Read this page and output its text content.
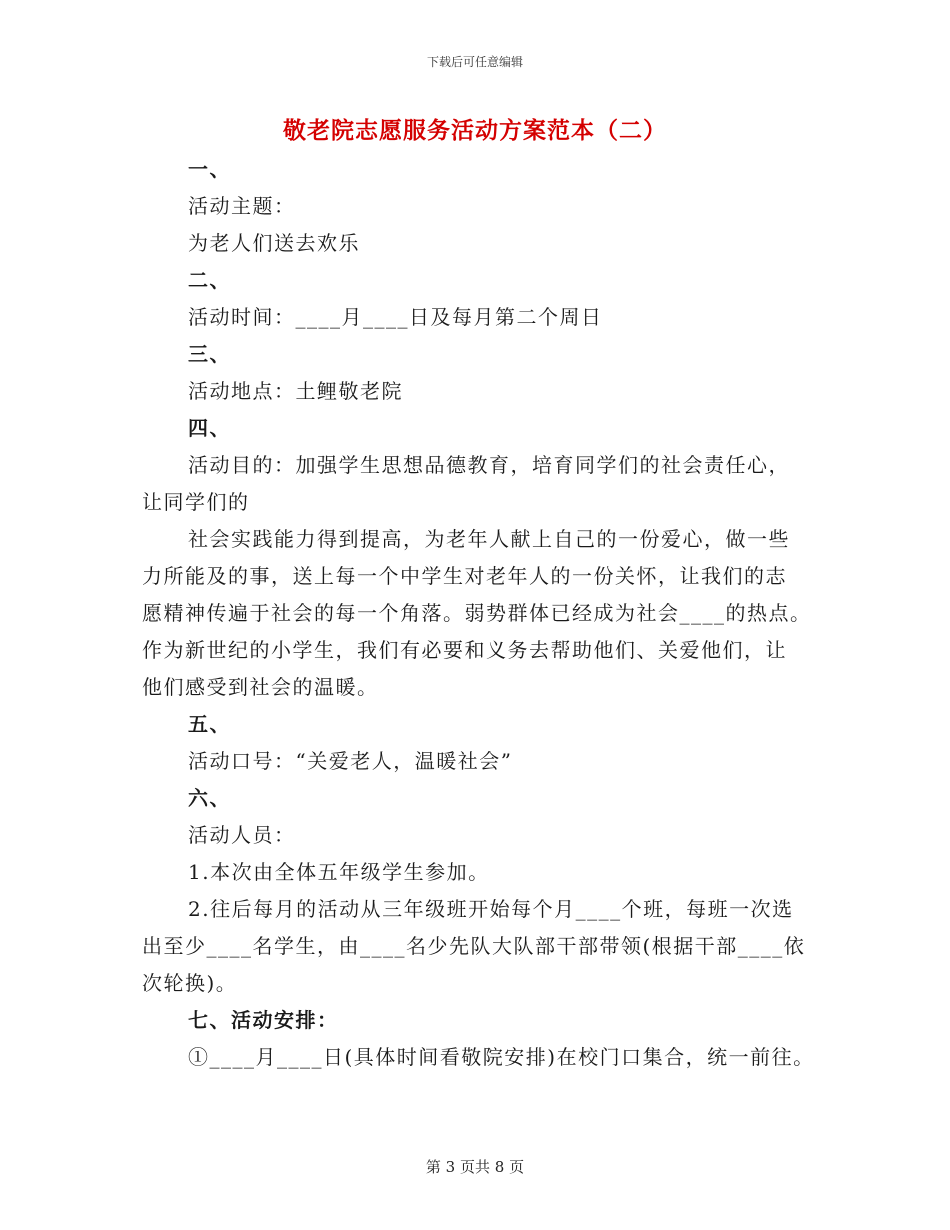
下载后可任意编辑
敬老院志愿服务活动方案范本（二）
一、
活动主题：
为老人们送去欢乐
二、
活动时间：____月____日及每月第二个周日
三、
活动地点：土鲤敬老院
四、
活动目的：加强学生思想品德教育，培育同学们的社会责任心，
让同学们的
社会实践能力得到提高，为老年人献上自己的一份爱心，做一些
力所能及的事，送上每一个中学生对老年人的一份关怀，让我们的志
愿精神传遍于社会的每一个角落。弱势群体已经成为社会____的热点。
作为新世纪的小学生，我们有必要和义务去帮助他们、关爱他们，让
他们感受到社会的温暖。
五、
活动口号：“关爱老人，温暖社会”
六、
活动人员：
1.本次由全体五年级学生参加。
2.往后每月的活动从三年级班开始每个月____个班，每班一次选
出至少____名学生，由____名少先队大队部干部带领(根据干部____依
次轮换)。
七、活动安排：
①____月____日(具体时间看敬院安排)在校门口集合，统一前往。
第 3 页共 8 页
